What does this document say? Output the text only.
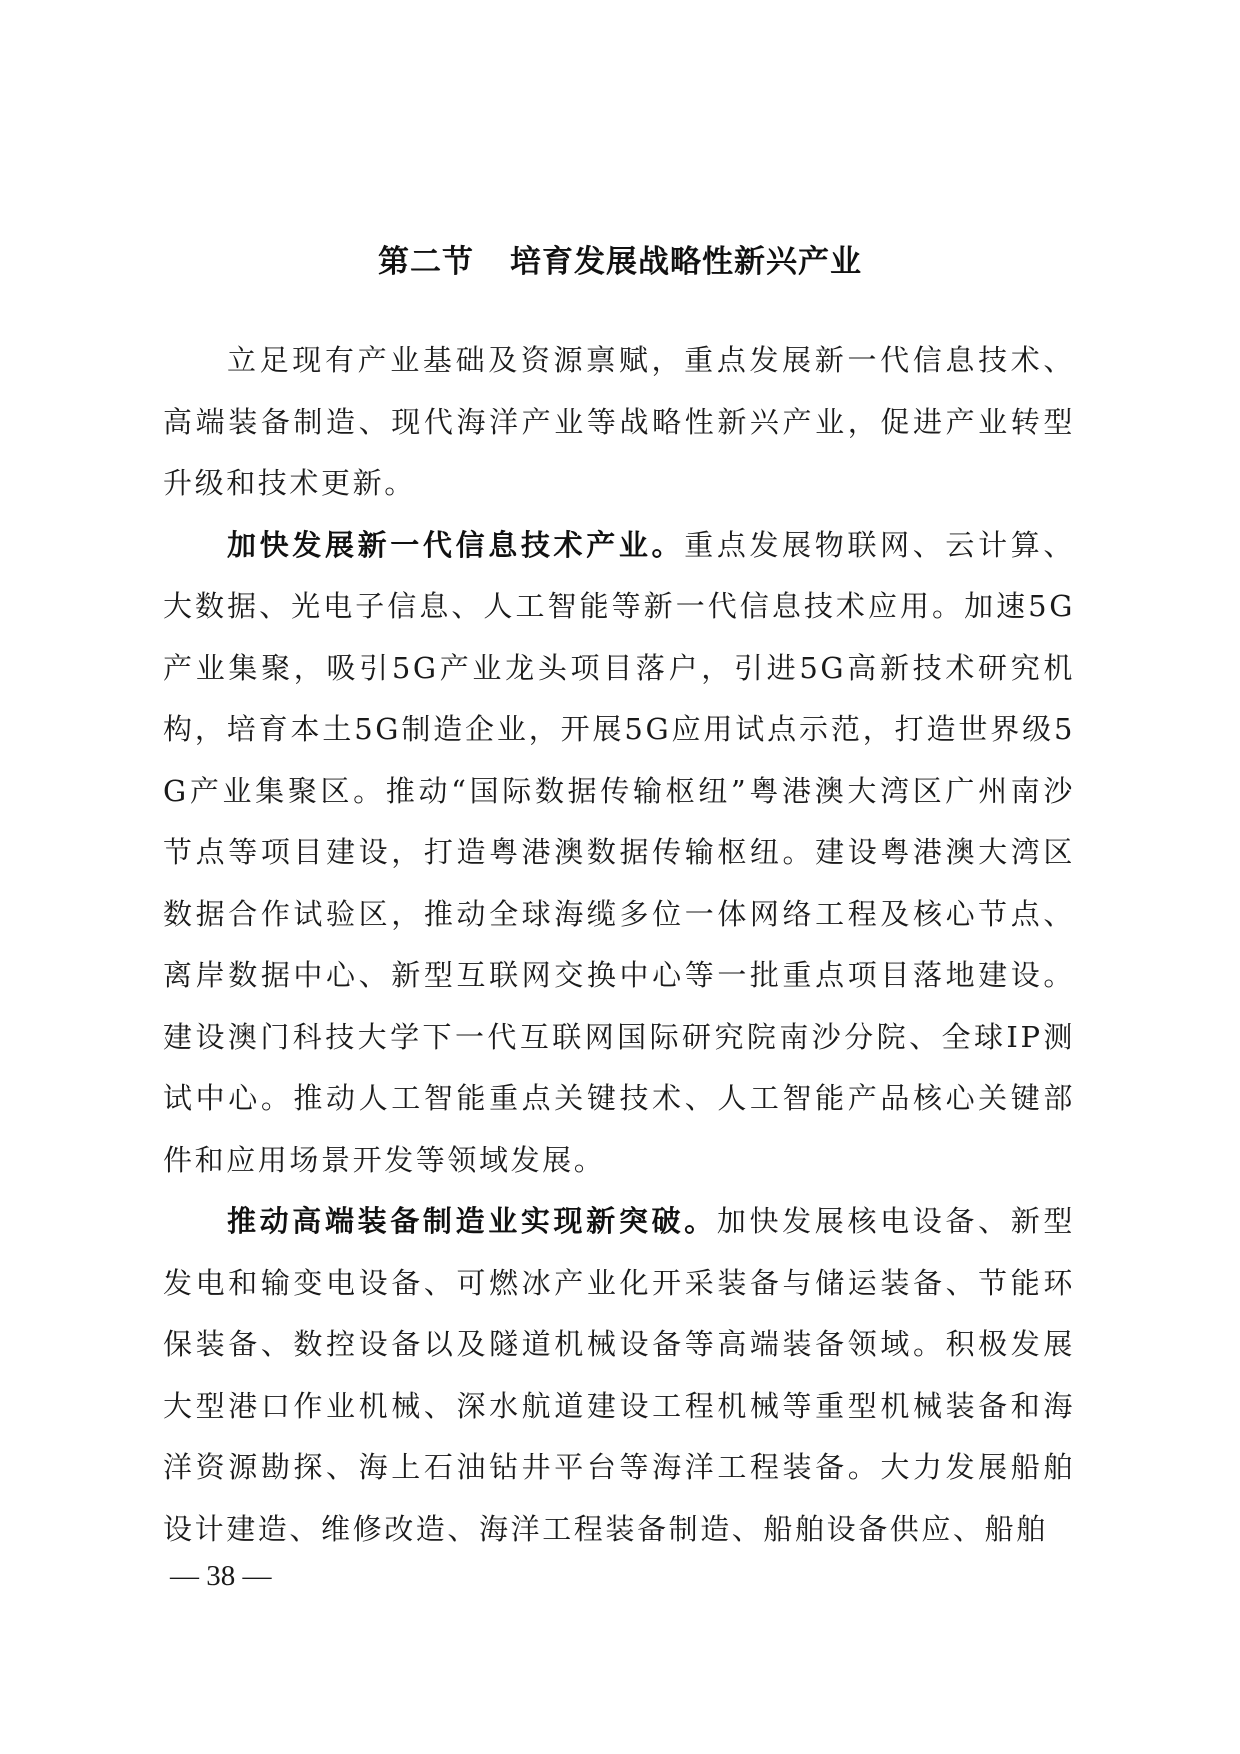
第二节 培育发展战略性新兴产业

立足现有产业基础及资源禀赋，重点发展新一代信息技术、高端装备制造、现代海洋产业等战略性新兴产业，促进产业转型升级和技术更新。

加快发展新一代信息技术产业。重点发展物联网、云计算、大数据、光电子信息、人工智能等新一代信息技术应用。加速5G产业集聚，吸引5G产业龙头项目落户，引进5G高新技术研究机构，培育本土5G制造企业，开展5G应用试点示范，打造世界级5G产业集聚区。推动“国际数据传输枢纽”粤港澳大湾区广州南沙节点等项目建设，打造粤港澳数据传输枢纽。建设粤港澳大湾区数据合作试验区，推动全球海缆多位一体网络工程及核心节点、离岸数据中心、新型互联网交换中心等一批重点项目落地建设。建设澳门科技大学下一代互联网国际研究院南沙分院、全球IP测试中心。推动人工智能重点关键技术、人工智能产品核心关键部件和应用场景开发等领域发展。

推动高端装备制造业实现新突破。加快发展核电设备、新型发电和输变电设备、可燃冰产业化开采装备与储运装备、节能环保装备、数控设备以及隧道机械设备等高端装备领域。积极发展大型港口作业机械、深水航道建设工程机械等重型机械装备和海洋资源勘探、海上石油钻井平台等海洋工程装备。大力发展船舶设计建造、维修改造、海洋工程装备制造、船舶设备供应、船舶

— 38 —
